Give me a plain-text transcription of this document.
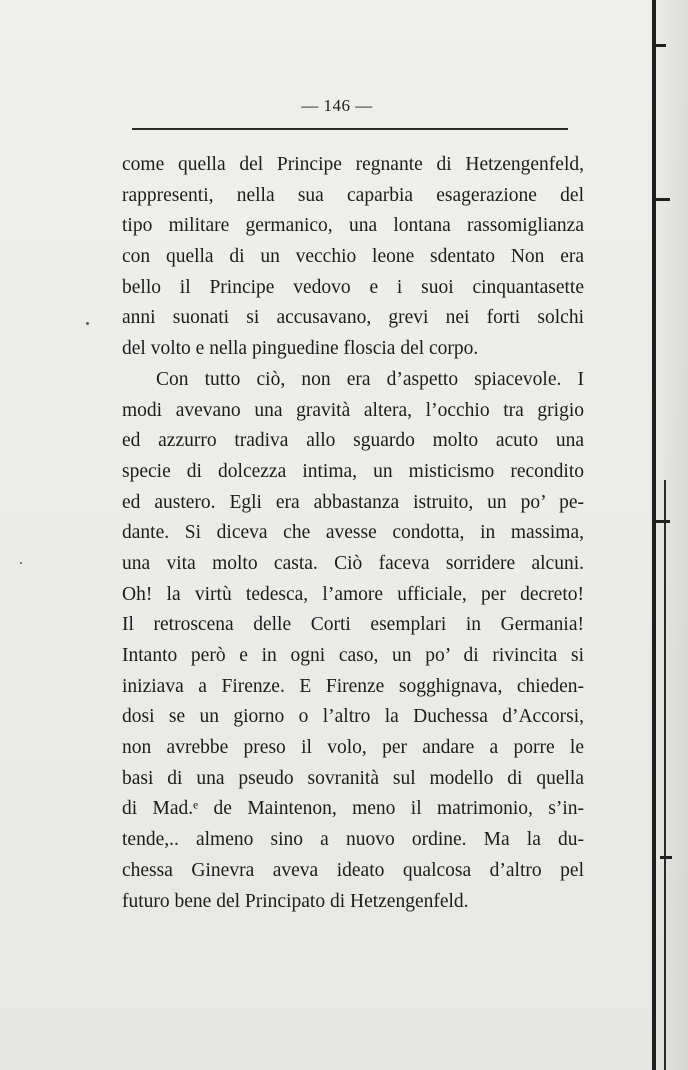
— 146 —
come quella del Principe regnante di Hetzengenfeld,
rappresenti, nella sua caparbia esagerazione del
tipo militare germanico, una lontana rassomiglianza
con quella di un vecchio leone sdentato Non era
bello il Principe vedovo e i suoi cinquantasette
anni suonati si accusavano, grevi nei forti solchi
del volto e nella pinguedine floscia del corpo.
Con tutto ciò, non era d’aspetto spiacevole. I
modi avevano una gravità altera, l’occhio tra grigio
ed azzurro tradiva allo sguardo molto acuto una
specie di dolcezza intima, un misticismo recondito
ed austero. Egli era abbastanza istruito, un po’ pe-
dante. Si diceva che avesse condotta, in massima,
una vita molto casta. Ciò faceva sorridere alcuni.
Oh! la virtù tedesca, l’amore ufficiale, per decreto!
Il retroscena delle Corti esemplari in Germania!
Intanto però e in ogni caso, un po’ di rivincita si
iniziava a Firenze. E Firenze sogghignava, chieden-
dosi se un giorno o l’altro la Duchessa d’Accorsi,
non avrebbe preso il volo, per andare a porre le
basi di una pseudo sovranità sul modello di quella
di Mad.ᵉ de Maintenon, meno il matrimonio, s’in-
tende,.. almeno sino a nuovo ordine. Ma la du-
chessa Ginevra aveva ideato qualcosa d’altro pel
futuro bene del Principato di Hetzengenfeld.
